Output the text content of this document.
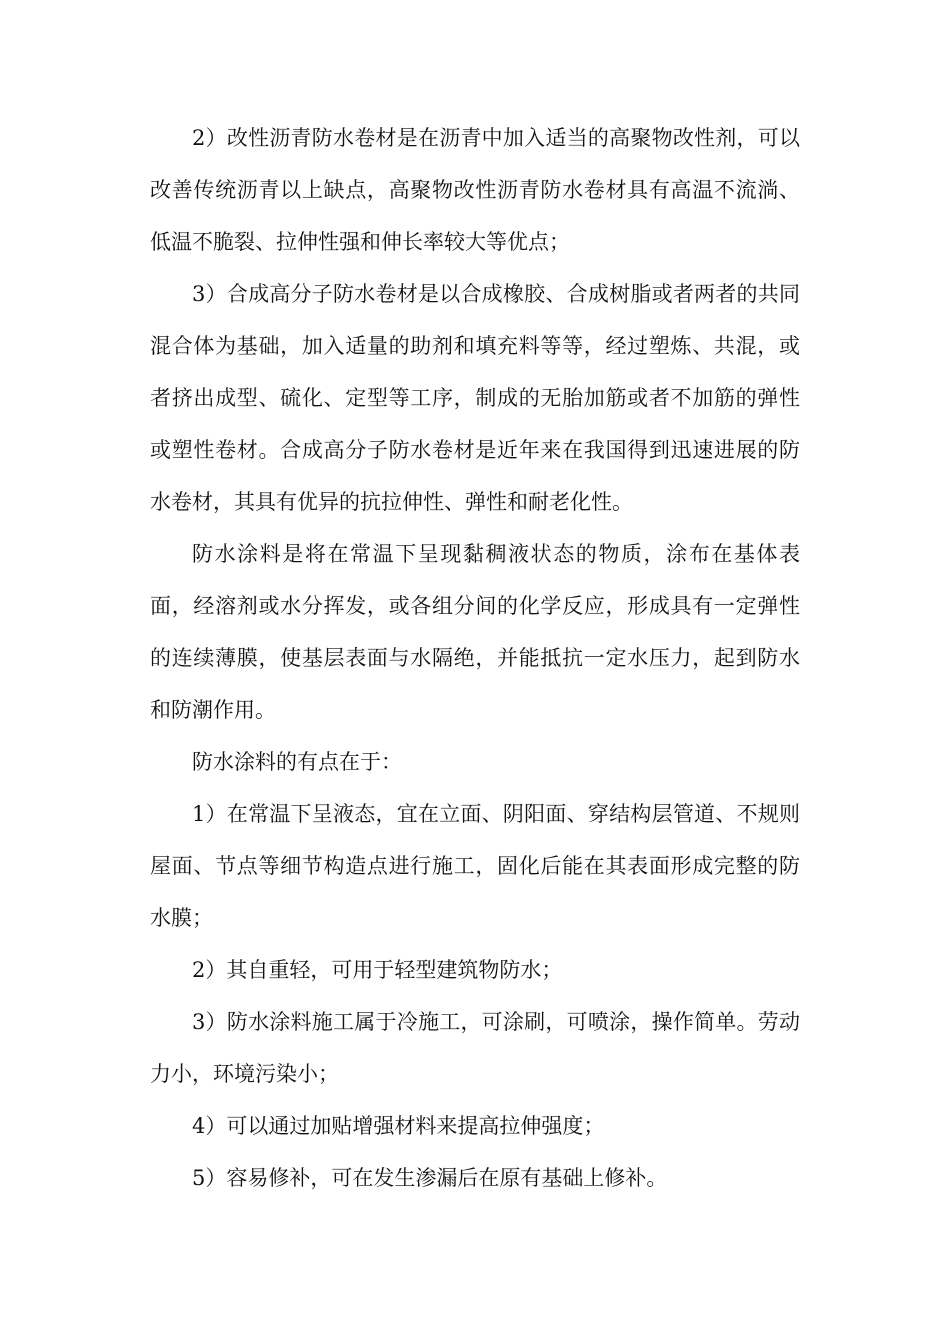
2）改性沥青防水卷材是在沥青中加入适当的高聚物改性剂，可以改善传统沥青以上缺点，高聚物改性沥青防水卷材具有高温不流淌、低温不脆裂、拉伸性强和伸长率较大等优点；

3）合成高分子防水卷材是以合成橡胶、合成树脂或者两者的共同混合体为基础，加入适量的助剂和填充料等等，经过塑炼、共混，或者挤出成型、硫化、定型等工序，制成的无胎加筋或者不加筋的弹性或塑性卷材。合成高分子防水卷材是近年来在我国得到迅速进展的防水卷材，其具有优异的抗拉伸性、弹性和耐老化性。

防水涂料是将在常温下呈现黏稠液状态的物质，涂布在基体表面，经溶剂或水分挥发，或各组分间的化学反应，形成具有一定弹性的连续薄膜，使基层表面与水隔绝，并能抵抗一定水压力，起到防水和防潮作用。

防水涂料的有点在于：

1）在常温下呈液态，宜在立面、阴阳面、穿结构层管道、不规则屋面、节点等细节构造点进行施工，固化后能在其表面形成完整的防水膜；

2）其自重轻，可用于轻型建筑物防水；

3）防水涂料施工属于冷施工，可涂刷，可喷涂，操作简单。劳动力小，环境污染小；

4）可以通过加贴增强材料来提高拉伸强度；

5）容易修补，可在发生渗漏后在原有基础上修补。
